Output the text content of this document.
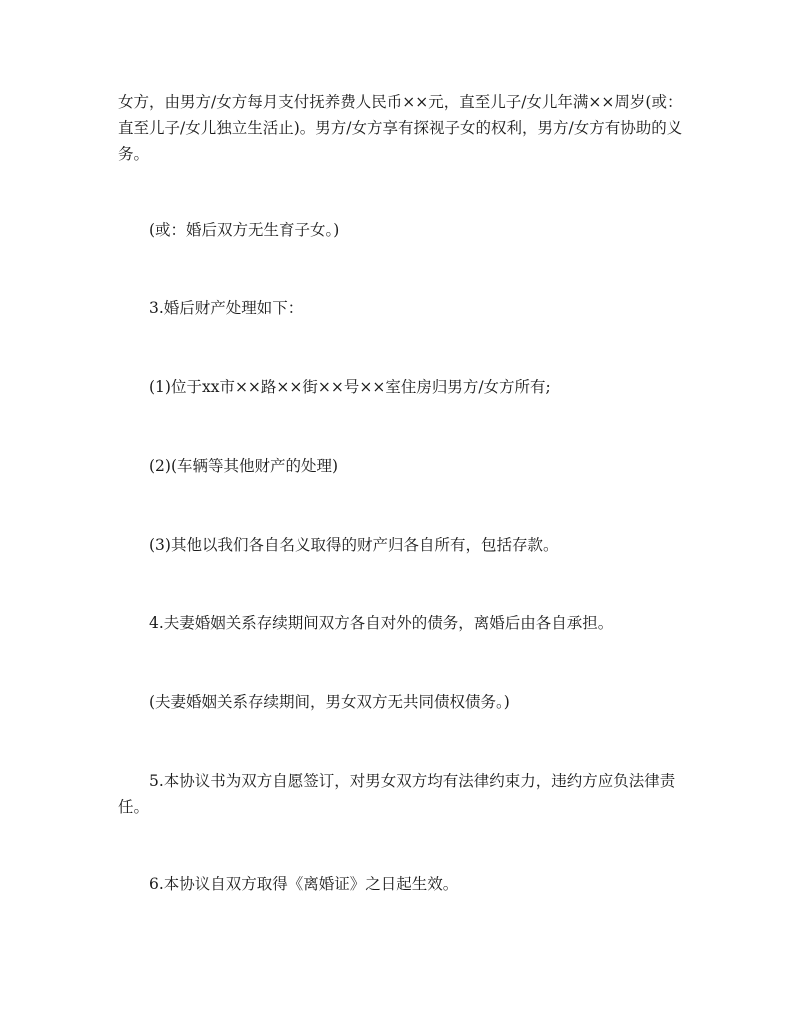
女方，由男方/女方每月支付抚养费人民币××元，直至儿子/女儿年满××周岁(或：直至儿子/女儿独立生活止)。男方/女方享有探视子女的权利，男方/女方有协助的义务。

(或：婚后双方无生育子女。)

3.婚后财产处理如下：

(1)位于xx市××路××街××号××室住房归男方/女方所有;

(2)(车辆等其他财产的处理)

(3)其他以我们各自名义取得的财产归各自所有，包括存款。

4.夫妻婚姻关系存续期间双方各自对外的债务，离婚后由各自承担。

(夫妻婚姻关系存续期间，男女双方无共同债权债务。)

5.本协议书为双方自愿签订，对男女双方均有法律约束力，违约方应负法律责任。

6.本协议自双方取得《离婚证》之日起生效。
